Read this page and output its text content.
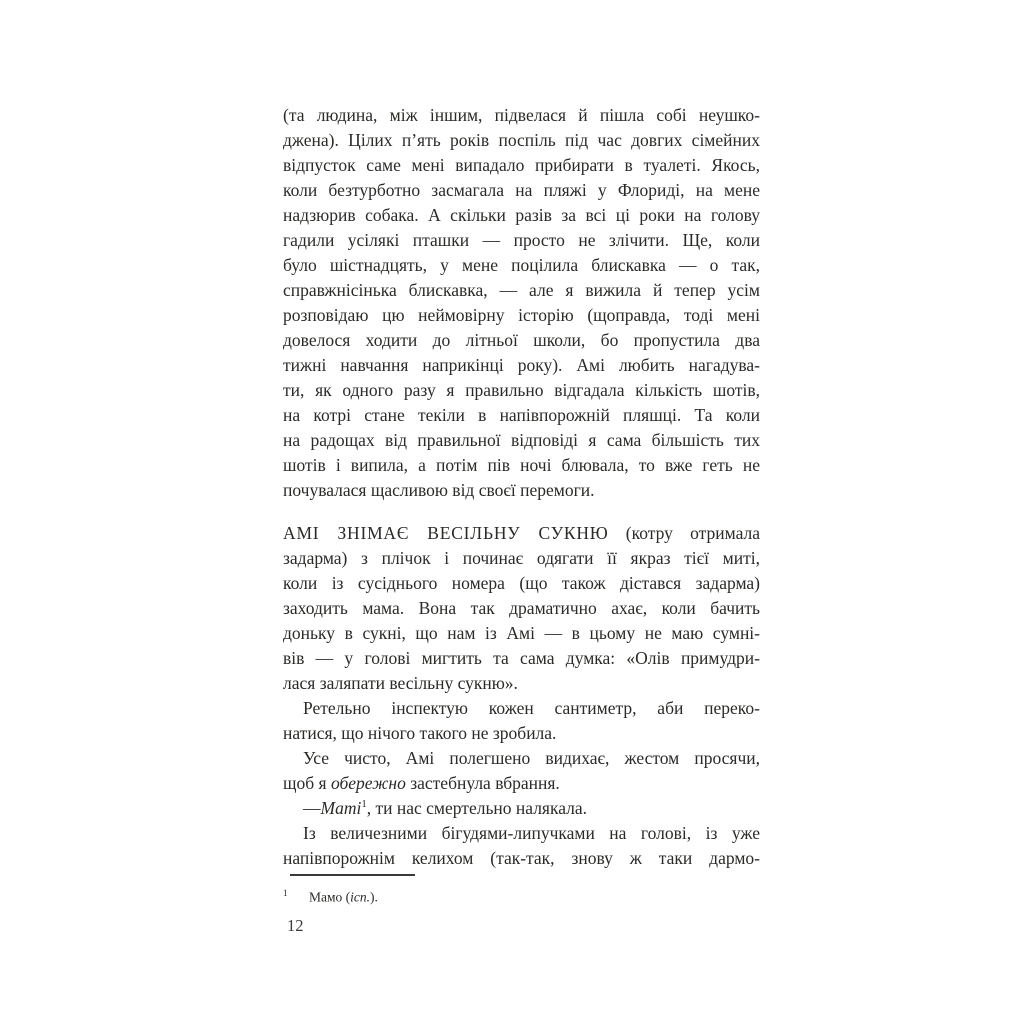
(та людина, між іншим, підвелася й пішла собі неушко-
джена). Цілих п’ять років поспіль під час довгих сімейних
відпусток саме мені випадало прибирати в туалеті. Якось,
коли безтурботно засмагала на пляжі у Флориді, на мене
надзюрив собака. А скільки разів за всі ці роки на голову
гадили усілякі пташки — просто не злічити. Ще, коли
було шістнадцять, у мене поцілила блискавка — о так,
справжнісінька блискавка, — але я вижила й тепер усім
розповідаю цю неймовірну історію (щоправда, тоді мені
довелося ходити до літньої школи, бо пропустила два
тижні навчання наприкінці року). Амі любить нагадува-
ти, як одного разу я правильно відгадала кількість шотів,
на котрі стане текіли в напівпорожній пляшці. Та коли
на радощах від правильної відповіді я сама більшість тих
шотів і випила, а потім пів ночі блювала, то вже геть не
почувалася щасливою від своєї перемоги.
АМІ ЗНІМАЄ ВЕСІЛЬНУ СУКНЮ (котру отримала
задарма) з плічок і починає одягати її якраз тієї миті,
коли із сусіднього номера (що також дістався задарма)
заходить мама. Вона так драматично ахає, коли бачить
доньку в сукні, що нам із Амі — в цьому не маю сумні-
вів — у голові мигтить та сама думка: «Олів примудри-
лася заляпати весільну сукню».
Ретельно інспектую кожен сантиметр, аби переко-
натися, що нічого такого не зробила.
Усе чисто, Амі полегшено видихає, жестом просячи,
щоб я обережно застебнула вбрання.
—Mami$^1$, ти нас смертельно налякала.
Із величезними бігудями-липучками на голові, із уже
напівпорожнім келихом (так-так, знову ж таки дармо-
1 Мамо (ісп.).
12
